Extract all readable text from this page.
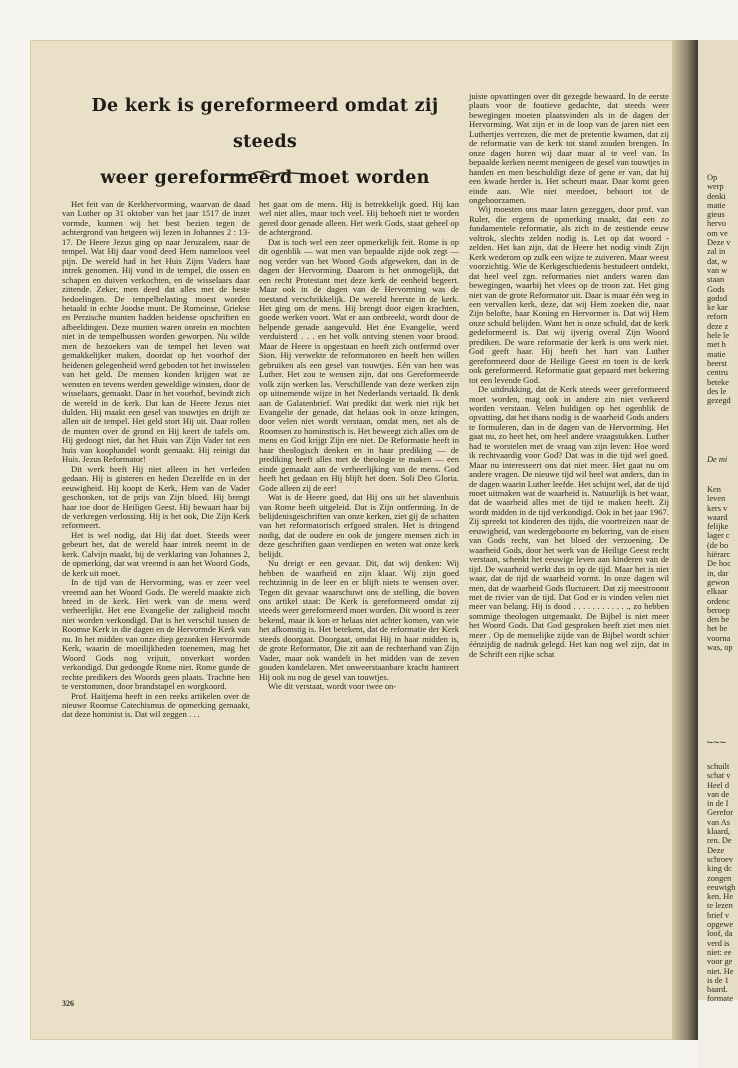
De kerk is gereformeerd omdat zij steeds
weer gereformeerd moet worden

Het feit van de Kerkhervorming, waarvan de daad van Luther op 31 oktober van het jaar 1517 de inzet vormde, kunnen wij het best bezien tegen de achtergrond van hetgeen wij lezen in Johannes 2 : 13-17. De Heere Jezus ging op naar Jeruzalem, naar de tempel. Wat Hij daar vond deed Hem nameloos veel pijn. De wereld had in het Huis Zijns Vaders haar intrek genomen. Hij vond in de tempel, die ossen en schapen en duiven verkochten, en de wisselaars daar zittende. Zeker, men deed dat alles met de beste bedoelingen. De tempelbelasting moest worden betaald in echte Joodse munt. De Romeinse, Griekse en Perzische munten hadden heidense opschriften en afbeeldingen. Deze munten waren onrein en mochten niet in de tempelbussen worden geworpen. Nu wilde men de bezoekers van de tempel het leven wat gemakkelijker maken, doordat op het voorhof der heidenen gelegenheid werd geboden tot het inwisselen van het geld. De mensen konden krijgen wat ze wensten en tevens werden geweldige winsten, door de wisselaars, gemaakt. Daar in het voorhof, bevindt zich de wereld in de kerk. Dat kan de Heere Jezus niet dulden. Hij maakt een gesel van touwtjes en drijft ze allen uit de tempel. Het geld stort Hij uit. Daar rollen de munten over de grond en Hij keert de tafels om. Hij gedoogt niet, dat het Huis van Zijn Vader tot een huis van koophandel wordt gemaakt. Hij reinigt dat Huis. Jezus Reformator!

Dit werk heeft Hij niet alleen in het verleden gedaan. Hij is gisteren en heden Dezelfde en in der eeuwigheid. Hij koopt de Kerk, Hem van de Vader geschonken, tot de prijs van Zijn bloed. Hij brengt haar toe door de Heiligen Geest. Hij bewaart haar bij de verkregen verlossing. Hij is het ook, Die Zijn Kerk reformeert.

Het is wel nodig, dat Hij dat doet. Steeds weer gebeurt het, dat de wereld haar intrek neemt in de kerk. Calvijn maakt, bij de verklaring van Johannes 2, de opmerking, dat wat vreemd is aan het Woord Gods, de kerk uit moet.

In de tijd van de Hervorming, was er zeer veel vreemd aan het Woord Gods. De wereld maakte zich breed in de kerk. Het werk van de mens werd verheerlijkt. Het ene Evangelie der zaligheid mocht niet worden verkondigd. Dat is het verschil tussen de Roomse Kerk in die dagen en de Hervormde Kerk van nu. In het midden van onze diep gezonken Hervormde Kerk, waarin de moeilijkheden toenemen, mag het Woord Gods nog vrijuit, onverkort worden verkondigd. Dat gedoogde Rome niet. Rome gunde de rechte predikers des Woords geen plaats. Trachtte hen te verstommen, door brandstapel en worgkoord.

Prof. Haitjema heeft in een reeks artikelen over de nieuwe Roomse Catechismus de opmerking gemaakt, dat deze hominist is. Dat wil zeggen . . .

het gaat om de mens. Hij is betrekkelijk goed. Hij kan wel niet alles, maar toch veel. Hij behoeft niet te worden gered door genade alleen. Het werk Gods, staat geheel op de achtergrond.

Dat is toch wel een zeer opmerkelijk feit. Rome is op dit ogenblik — wat men van bepaalde zijde ook zegt — nog verder van het Woord Gods afgeweken, dan in de dagen der Hervorming. Daarom is het onmogelijk, dat een recht Protestant met deze kerk de eenheid begeert. Maar ook in de dagen van de Hervorming was de toestand verschrikkelijk. De wereld heerste in de kerk. Het ging om de mens. Hij brengt door eigen krachten, goede werken voort. Wat er aan ontbreekt, wordt door de helpende genade aangevuld. Het éne Evangelie, werd verduisterd . . . en het volk ontving stenen voor brood. Maar de Heere is opgestaan en heeft zich ontfermd over Sion. Hij verwekte de reformatoren en heeft hen willen gebruiken als een gesel van touwtjes. Eén van hen was Luther. Het zou te wensen zijn, dat ons Gereformeerde volk zijn werken las. Verschillende van deze werken zijn op uitnemende wijze in het Nederlands vertaald. Ik denk aan de Galatenbrief. Wat predikt dat werk niet rijk het Evangelie der genade, dat helaas ook in onze kringen, door velen niet wordt verstaan, omdat men, net als de Roomsen zo hominstisch is. Het beweegt zich alles om de mens en God krijgt Zijn ere niet. De Reformatie heeft in haar theologisch denken en in haar prediking — de prediking heeft alles met de theologie te maken — een einde gemaakt aan de verheerlijking van de mens. God heeft het gedaan en Hij blijft het doen. Soli Deo Gloria. Gode alleen zij de eer!

Wat is de Heere goed, dat Hij ons uit het slavenhuis van Rome heeft uitgeleid. Dat is Zijn ontferming. In de belijdenisgeschriften van onze kerken, ziet gij de schatten van het reformatorisch erfgoed stralen. Het is dringend nodig, dat de oudere en ook de jongere mensen zich in deze geschriften gaan verdiepen en weten wat onze kerk belijdt.

Nu dreigt er een gevaar. Dit, dat wij denken: Wij hebben de waarheid en zijn klaar. Wij zijn goed rechtzinnig in de leer en er blijft niets te wensen over. Tegen dit gevaar waarschuwt ons de stelling, die boven ons artikel staat: De Kerk is gereformeerd omdat zij steeds weer gereformeerd moet worden. Dit woord is zeer bekend, maar ik kon er helaas niet achter komen, van wie het afkomstig is. Het betekent, dat de reformatie der Kerk steeds doorgaat. Doorgaat, omdat Hij in haar midden is, de grote Reformator, Die zit aan de rechterhand van Zijn Vader, maar ook wandelt in het midden van de zeven gouden kandelaren. Met onweerstaanbare kracht hanteert Hij ook nu nog de gesel van touwtjes.

Wie dit verstaat, wordt voor twee on-

juiste opvattingen over dit gezegde bewaard. In de eerste plaats voor de foutieve gedachte, dat steeds weer bewegingen moeten plaatsvinden als in de dagen der Hervorming. Wat zijn er in de loop van de jaren niet een Luthertjes verrezen, die met de pretentie kwamen, dat zij de reformatie van de kerk tot stand zouden brengen. In onze dagen horen wij daar maar al te veel van. In bepaalde kerken neemt menigeen de gesel van touwtjes in handen en men beschuldigt deze of gene er van, dat hij een kwade herder is. Het scheurt maar. Daar komt geen einde aan. Wie niet meedoet, behoort tot de ongehoorzamen.

Wij moesten ons maar laten gezeggen, door prof. van Ruler, die ergens de opmerking maakt, dat een zo fundamentele reformatie, als zich in de zestiende eeuw voltrok, slechts zelden nodig is. Let op dat woord - zelden. Het kan zijn, dat de Heere het nodig vindt Zijn Kerk wederom op zulk een wijze te zuiveren. Maar weest voorzichtig. Wie de Kerkgeschiedenis bestudeert ontdekt, dat heel veel zgn. reformaties niet anders waren dan bewegingen, waarbij het vlees op de troon zat. Het ging niet van de grote Reformator uit. Daar is maar één weg in een vervallen kerk, deze, dat wij Hem zoeken die, naar Zijn belofte, haar Koning en Hervormer is. Dat wij Hem onze schuld belijden. Want het is onze schuld, dat de kerk gedeformeerd is. Dat wij ijverig overal Zijn Woord prediken. De ware reformatie der kerk is ons werk niet. God geeft haar. Hij heeft het hart van Luther gereformeerd door de Heilige Geest en toen is de kerk ook gereformeerd. Reformatie gaat gepaard met bekering tot een levende God.

De uitdrukking, dat de Kerk steeds weer gereformeerd moet worden, mag ook in andere zin niet verkeerd worden verstaan. Velen huldigen op het ogenblik de opvatting, dat het thans nodig is de waarheid Gods anders te formuleren, dan in de dagen van de Hervorming. Het gaat nu, zo heet het, om heel andere vraagstukken. Luther had te worstelen met de vraag van zijn leven: Hoe word ik rechtvaardig voor God? Dat was in die tijd wel goed. Maar nu interesseert ons dat niet meer. Het gaat nu om andere vragen. De nieuwe tijd wil heel wat anders, dan in de dagen waarin Luther leefde. Het schijnt wel, dat de tijd moet uitmaken wat de waarheid is. Natuurlijk is het waar, dat de waarheid alles met de tijd te maken heeft. Zij wordt midden in de tijd verkondigd. Ook in het jaar 1967. Zij spreekt tot kinderen des tijds, die voortreizen naar de eeuwigheid, van wedergeboorte en bekering, van de eisen van Gods recht, van het bloed der verzoening. De waarheid Gods, door het werk van de Heilige Geest recht verstaan, schenkt het eeuwige leven aan kinderen van de tijd. De waarheid werkt dus in op de tijd. Maar het is niet waar, dat de tijd de waarheid vormt. In onze dagen wil men, dat de waarheid Gods fluctueert. Dat zij meestroomt met de rivier van de tijd. Dat God er is vinden velen niet meer van belang. Hij is dood . . . . . . . . . . . ., zo hebben sommige theologen uitgemaakt. De Bijbel is niet meer het Woord Gods. Dat God gesproken heeft ziet men niet meer . Op de menselijke zijde van de Bijbel wordt schier éénzijdig de nadruk gelegd. Het kan nog wel zijn, dat in de Schrift een rijke schat

326
Op
werp
denki
matie
gieus
hervo
om ve
Deze v
zal in
dat, w
van w
staan
Gods
godsd
ke kar
reforn
deze z
hele le
met h
matie
heerst
centru
beteke
des le
gezegd
De mi
Ken
leven
kers v
waard
felijke
lager c
(de bo
hiërarc
De hoc
in, dar
gewon
elkaar
ordenc
beroep
den be
het be
voorna
was, op
~~~
schuilt
schat v
Heel d
van de
in de I
Gerefor
van As
klaard,
ren. De
Deze
schroev
king dc
zongen
eeuwigh
ken. He
te lezen
brief v
opgewe
loof, da
verd is
niet: ee
voor ge
niet. He
is de 1
baard.
formate
